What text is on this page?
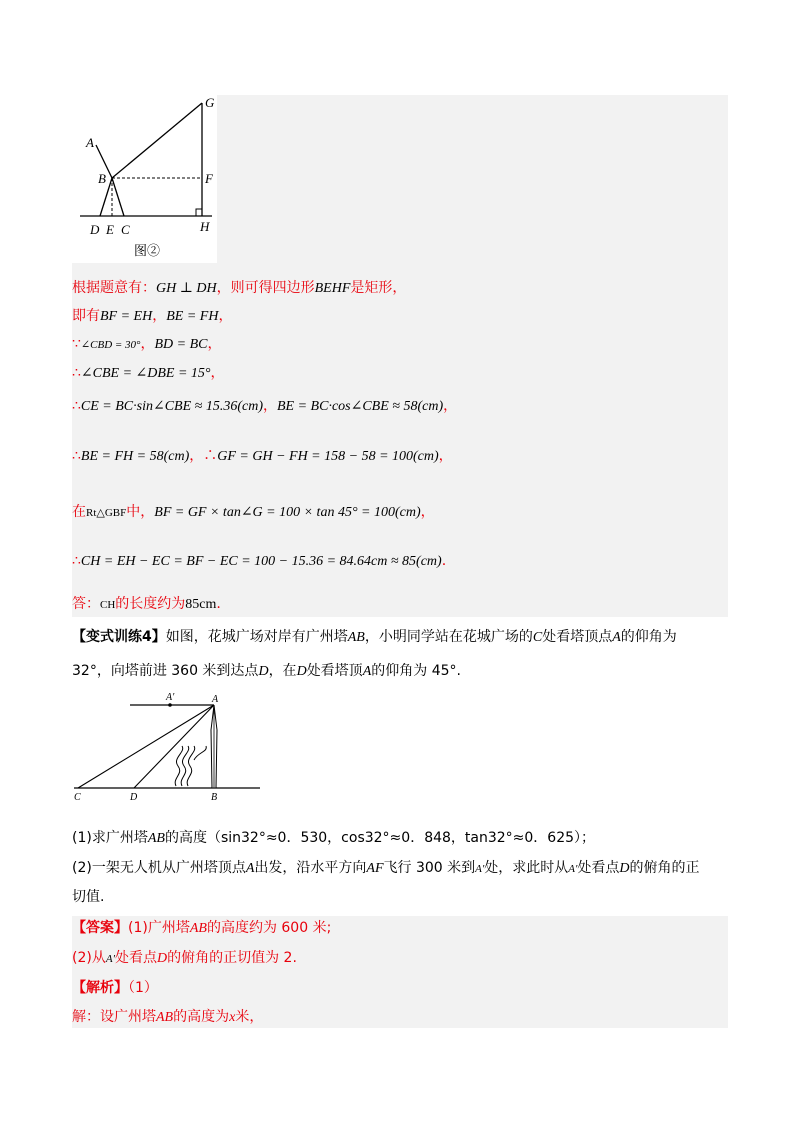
G
A
B	F
H
D E C
图②
根据题意有：GH ⊥ DH，则可得四边形BEHF是矩形，
即有BF = EH，BE = FH，
∵∠CBD = 30°，BD = BC，
∴∠CBE = ∠DBE = 15°，
∴CE = BC·sin∠CBE ≈ 15.36(cm)，BE = BC·cos∠CBE ≈ 58(cm)，
∴BE = FH = 58(cm)，∴GF = GH − FH = 158 − 58 = 100(cm)，
在Rt△GBF中，BF = GF × tan∠G = 100 × tan 45° = 100(cm)，
∴CH = EH − EC = BF − EC = 100 − 15.36 = 84.64cm ≈ 85(cm).
答：CH的长度约为85cm.
【变式训练4】如图，花城广场对岸有广州塔AB，小明同学站在花城广场的C处看塔顶点A的仰角为
32°，向塔前进 360 米到达点D，在D处看塔顶A的仰角为 45°.
A′	A
C	D	B
(1)求广州塔AB的高度（sin32°≈0．530，cos32°≈0．848，tan32°≈0．625）；
(2)一架无人机从广州塔顶点A出发，沿水平方向AF飞行 300 米到A′处，求此时从A′处看点D的俯角的正
切值.
【答案】(1)广州塔AB的高度约为 600 米;
(2)从A′处看点D的俯角的正切值为 2.
【解析】（1）
解：设广州塔AB的高度为x米，
